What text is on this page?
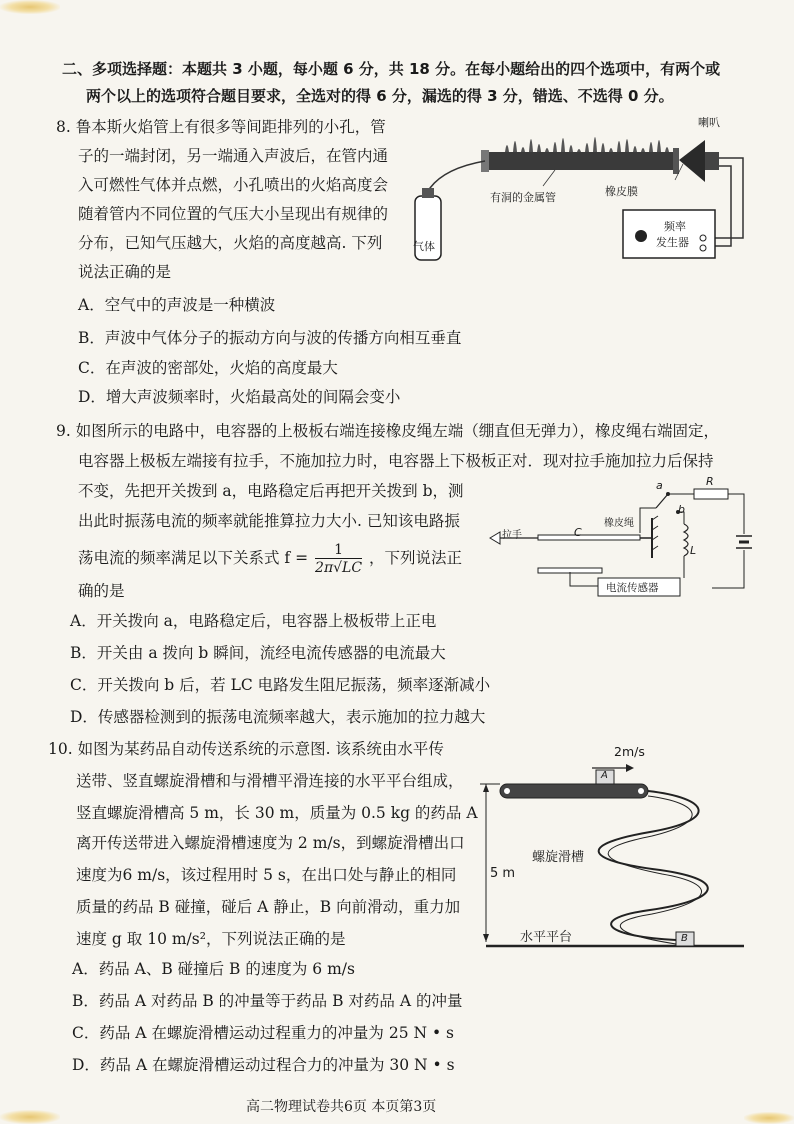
二、多项选择题：本题共 3 小题，每小题 6 分，共 18 分。在每小题给出的四个选项中，有两个或
两个以上的选项符合题目要求，全选对的得 6 分，漏选的得 3 分，错选、不选得 0 分。
8. 鲁本斯火焰管上有很多等间距排列的小孔，管
子的一端封闭，另一端通入声波后，在管内通
入可燃性气体并点燃，小孔喷出的火焰高度会
随着管内不同位置的气压大小呈现出有规律的
分布，已知气压越大，火焰的高度越高. 下列
说法正确的是
A．空气中的声波是一种横波
B．声波中气体分子的振动方向与波的传播方向相互垂直
C．在声波的密部处，火焰的高度最大
D．增大声波频率时，火焰最高处的间隔会变小
喇叭
有洞的金属管	橡皮膜
气体
频率
发生器
9. 如图所示的电路中，电容器的上极板右端连接橡皮绳左端（绷直但无弹力），橡皮绳右端固定，
电容器上极板左端接有拉手，不施加拉力时，电容器上下极板正对．现对拉手施加拉力后保持
不变，先把开关拨到 a，电路稳定后再把开关拨到 b，测
出此时振荡电流的频率就能推算拉力大小. 已知该电路振
荡电流的频率满足以下关系式 $f = \frac{1}{2\pi√LC}$ ，下列说法正
确的是
A．开关拨向 a，电路稳定后，电容器上极板带上正电
B．开关由 a 拨向 b 瞬间，流经电流传感器的电流最大
C．开关拨向 b 后，若 LC 电路发生阻尼振荡，频率逐渐减小
D．传感器检测到的振荡电流频率越大，表示施加的拉力越大
拉手	C
橡皮绳
a
b
R
L
电流传感器
10. 如图为某药品自动传送系统的示意图. 该系统由水平传
送带、竖直螺旋滑槽和与滑槽平滑连接的水平平台组成，
竖直螺旋滑槽高 5 m，长 30 m，质量为 0.5 kg 的药品 A
离开传送带进入螺旋滑槽速度为 2 m/s，到螺旋滑槽出口
速度为6 m/s，该过程用时 5 s，在出口处与静止的相同
质量的药品 B 碰撞，碰后 A 静止，B 向前滑动，重力加
速度 g 取 10 m/s²，下列说法正确的是
A．药品 A、B 碰撞后 B 的速度为 6 m/s
B．药品 A 对药品 B 的冲量等于药品 B 对药品 A 的冲量
C．药品 A 在螺旋滑槽运动过程重力的冲量为 25 N • s
D．药品 A 在螺旋滑槽运动过程合力的冲量为 30 N • s
2m/s
A
B
5 m
螺旋滑槽
水平平台
高二物理试卷共6页 本页第3页
